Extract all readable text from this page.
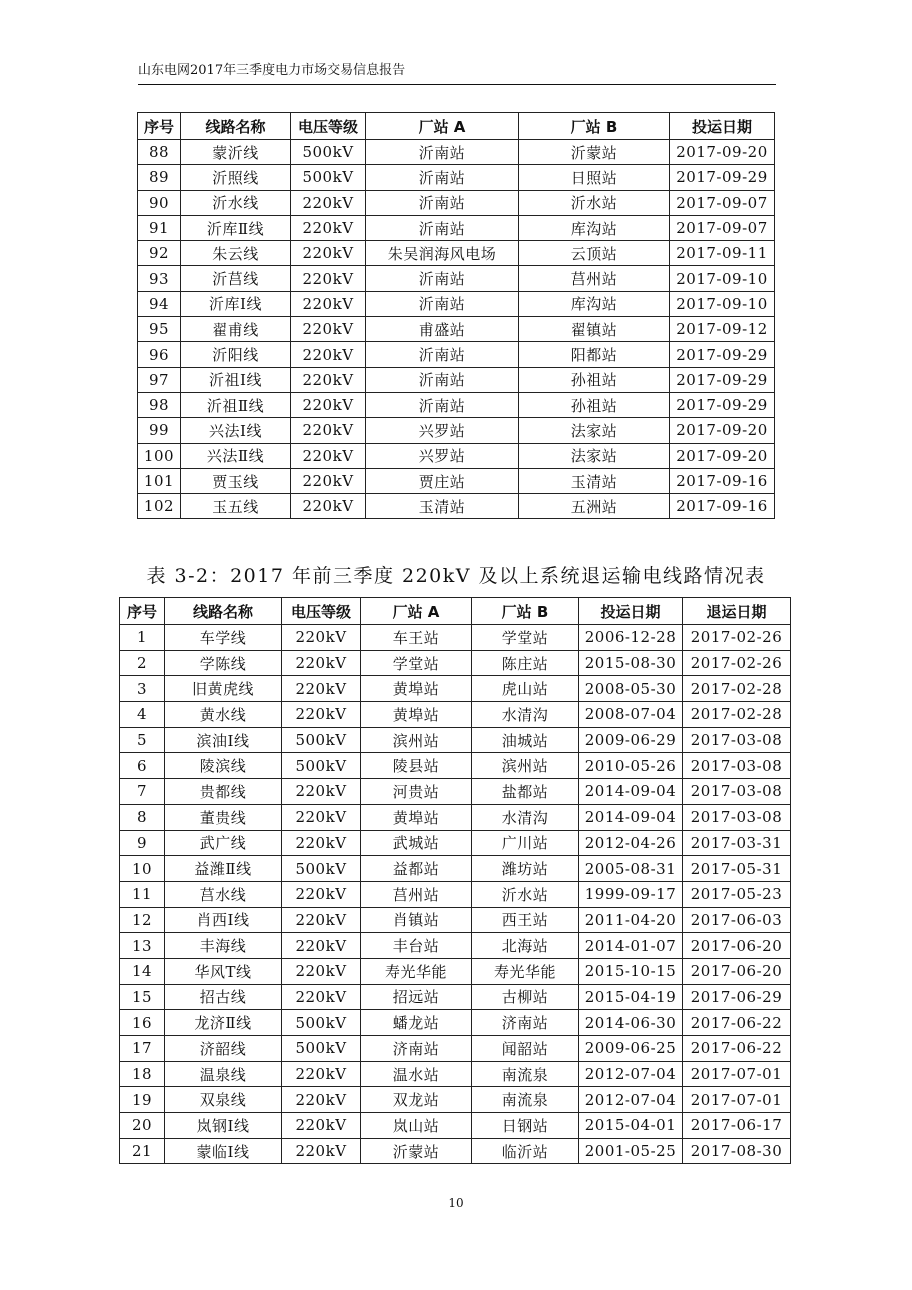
山东电网2017年三季度电力市场交易信息报告
序号	线路名称	电压等级	厂站 A	厂站 B	投运日期
88	蒙沂线	500kV	沂南站	沂蒙站	2017-09-20
89	沂照线	500kV	沂南站	日照站	2017-09-29
90	沂水线	220kV	沂南站	沂水站	2017-09-07
91	沂库Ⅱ线	220kV	沂南站	库沟站	2017-09-07
92	朱云线	220kV	朱吴润海风电场	云顶站	2017-09-11
93	沂莒线	220kV	沂南站	莒州站	2017-09-10
94	沂库Ⅰ线	220kV	沂南站	库沟站	2017-09-10
95	翟甫线	220kV	甫盛站	翟镇站	2017-09-12
96	沂阳线	220kV	沂南站	阳都站	2017-09-29
97	沂祖Ⅰ线	220kV	沂南站	孙祖站	2017-09-29
98	沂祖Ⅱ线	220kV	沂南站	孙祖站	2017-09-29
99	兴法Ⅰ线	220kV	兴罗站	法家站	2017-09-20
100	兴法Ⅱ线	220kV	兴罗站	法家站	2017-09-20
101	贾玉线	220kV	贾庄站	玉清站	2017-09-16
102	玉五线	220kV	玉清站	五洲站	2017-09-16
表 3-2：2017 年前三季度 220kV 及以上系统退运输电线路情况表
序号	线路名称	电压等级	厂站 A	厂站 B	投运日期	退运日期
1	车学线	220kV	车王站	学堂站	2006-12-28	2017-02-26
2	学陈线	220kV	学堂站	陈庄站	2015-08-30	2017-02-26
3	旧黄虎线	220kV	黄埠站	虎山站	2008-05-30	2017-02-28
4	黄水线	220kV	黄埠站	水清沟	2008-07-04	2017-02-28
5	滨油Ⅰ线	500kV	滨州站	油城站	2009-06-29	2017-03-08
6	陵滨线	500kV	陵县站	滨州站	2010-05-26	2017-03-08
7	贵都线	220kV	河贵站	盐都站	2014-09-04	2017-03-08
8	董贵线	220kV	黄埠站	水清沟	2014-09-04	2017-03-08
9	武广线	220kV	武城站	广川站	2012-04-26	2017-03-31
10	益潍Ⅱ线	500kV	益都站	潍坊站	2005-08-31	2017-05-31
11	莒水线	220kV	莒州站	沂水站	1999-09-17	2017-05-23
12	肖西Ⅰ线	220kV	肖镇站	西王站	2011-04-20	2017-06-03
13	丰海线	220kV	丰台站	北海站	2014-01-07	2017-06-20
14	华风T线	220kV	寿光华能	寿光华能	2015-10-15	2017-06-20
15	招古线	220kV	招远站	古柳站	2015-04-19	2017-06-29
16	龙济Ⅱ线	500kV	蟠龙站	济南站	2014-06-30	2017-06-22
17	济韶线	500kV	济南站	闻韶站	2009-06-25	2017-06-22
18	温泉线	220kV	温水站	南流泉	2012-07-04	2017-07-01
19	双泉线	220kV	双龙站	南流泉	2012-07-04	2017-07-01
20	岚钢Ⅰ线	220kV	岚山站	日钢站	2015-04-01	2017-06-17
21	蒙临Ⅰ线	220kV	沂蒙站	临沂站	2001-05-25	2017-08-30
10
